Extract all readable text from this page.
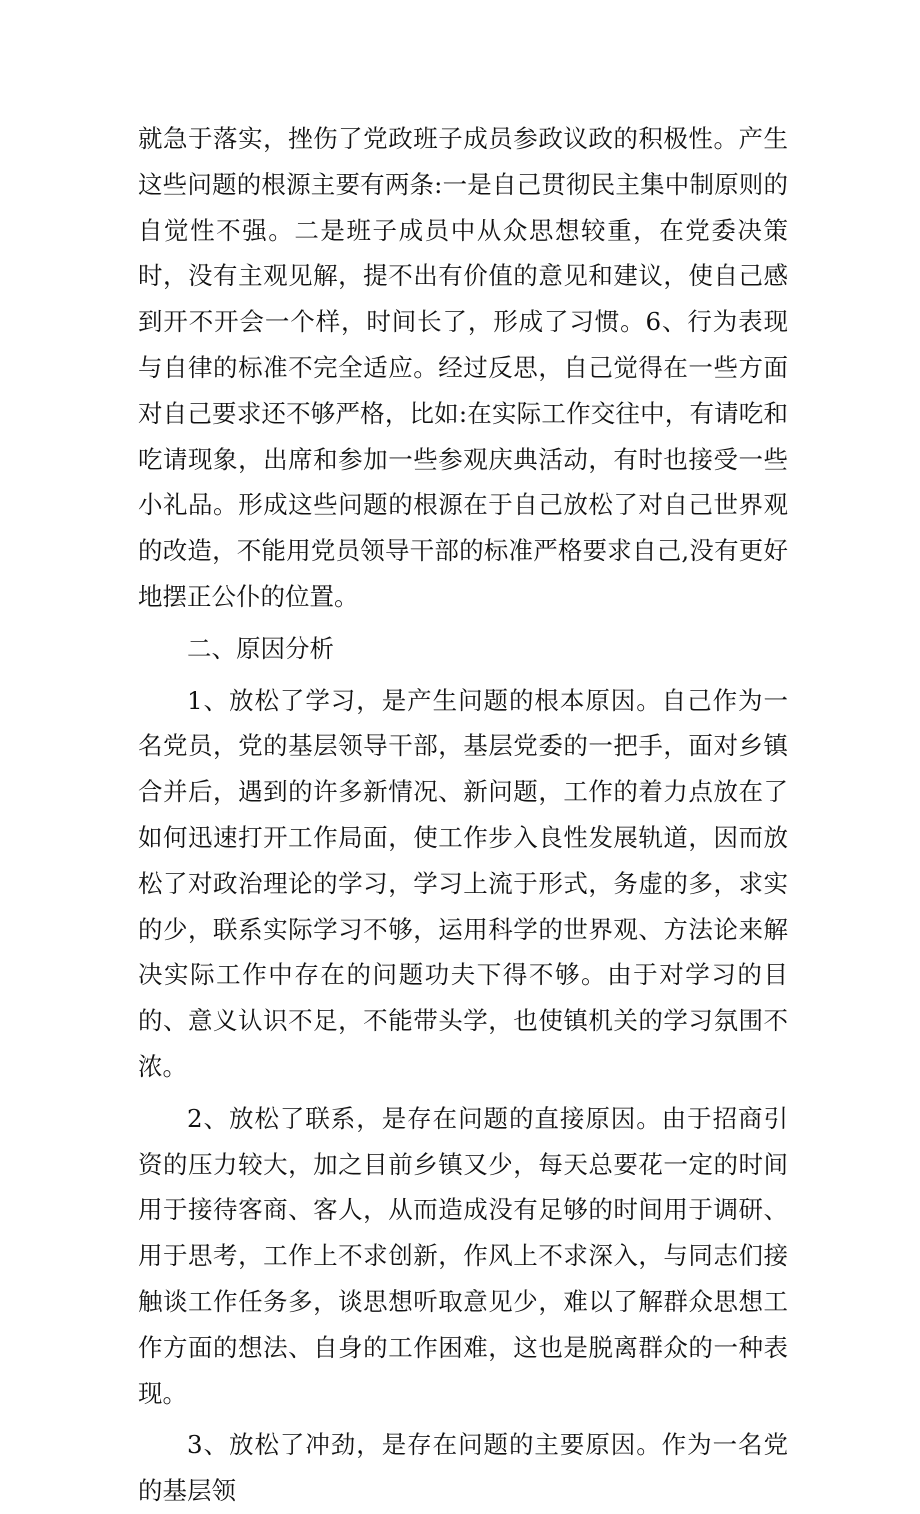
就急于落实，挫伤了党政班子成员参政议政的积极性。产生这些问题的根源主要有两条:一是自己贯彻民主集中制原则的自觉性不强。二是班子成员中从众思想较重，在党委决策时，没有主观见解，提不出有价值的意见和建议，使自己感到开不开会一个样，时间长了，形成了习惯。6、行为表现与自律的标准不完全适应。经过反思，自己觉得在一些方面对自己要求还不够严格，比如:在实际工作交往中，有请吃和吃请现象，出席和参加一些参观庆典活动，有时也接受一些小礼品。形成这些问题的根源在于自己放松了对自己世界观的改造，不能用党员领导干部的标准严格要求自己,没有更好地摆正公仆的位置。

二、原因分析

1、放松了学习，是产生问题的根本原因。自己作为一名党员，党的基层领导干部，基层党委的一把手，面对乡镇合并后，遇到的许多新情况、新问题，工作的着力点放在了如何迅速打开工作局面，使工作步入良性发展轨道，因而放松了对政治理论的学习，学习上流于形式，务虚的多，求实的少，联系实际学习不够，运用科学的世界观、方法论来解决实际工作中存在的问题功夫下得不够。由于对学习的目的、意义认识不足，不能带头学，也使镇机关的学习氛围不浓。

2、放松了联系，是存在问题的直接原因。由于招商引资的压力较大，加之目前乡镇又少，每天总要花一定的时间用于接待客商、客人，从而造成没有足够的时间用于调研、用于思考，工作上不求创新，作风上不求深入，与同志们接触谈工作任务多，谈思想听取意见少，难以了解群众思想工作方面的想法、自身的工作困难，这也是脱离群众的一种表现。

3、放松了冲劲，是存在问题的主要原因。作为一名党的基层领
